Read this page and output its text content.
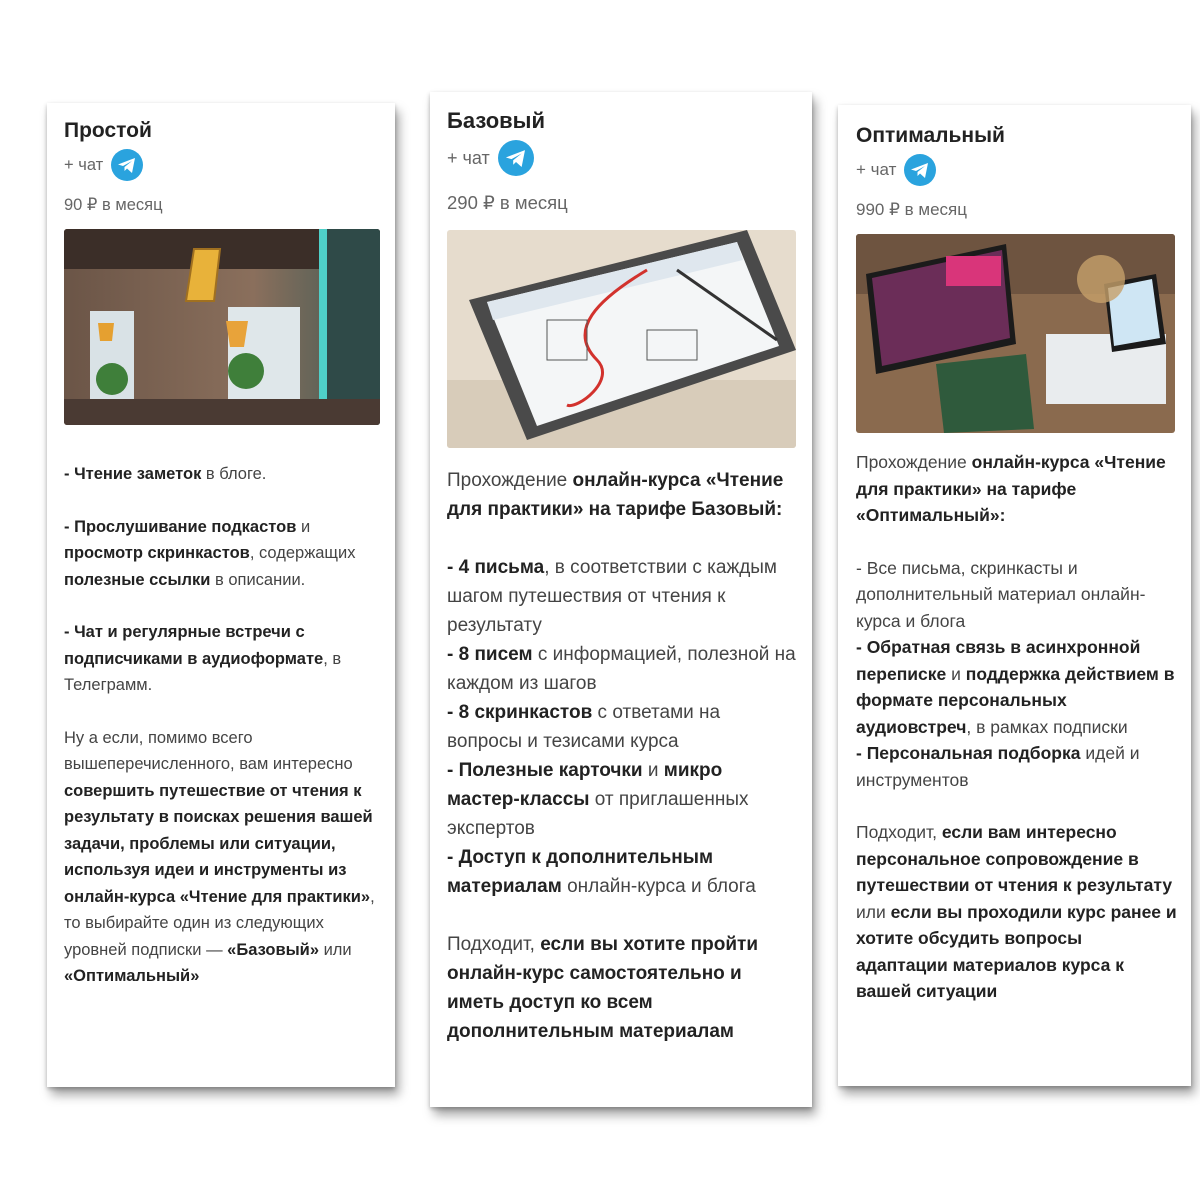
Простой
+ чат
90 ₽ в месяц

- Чтение заметок в блоге.

- Прослушивание подкастов и просмотр скринкастов, содержащих полезные ссылки в описании.

- Чат и регулярные встречи с подписчиками в аудиоформате, в Телеграмм.

Ну а если, помимо всего вышеперечисленного, вам интересно совершить путешествие от чтения к результату в поисках решения вашей задачи, проблемы или ситуации, используя идеи и инструменты из онлайн-курса «Чтение для практики», то выбирайте один из следующих уровней подписки — «Базовый» или «Оптимальный»

Базовый
+ чат
290 ₽ в месяц

Прохождение онлайн-курса «Чтение для практики» на тарифе Базовый:

- 4 письма, в соответствии с каждым шагом путешествия от чтения к результату

- 8 писем с информацией, полезной на каждом из шагов

- 8 скринкастов с ответами на вопросы и тезисами курса

- Полезные карточки и микро мастер-классы от приглашенных экспертов

- Доступ к дополнительным материалам онлайн-курса и блога

Подходит, если вы хотите пройти онлайн-курс самостоятельно и иметь доступ ко всем дополнительным материалам

Оптимальный
+ чат
990 ₽ в месяц

Прохождение онлайн-курса «Чтение для практики» на тарифе «Оптимальный»:

- Все письма, скринкасты и дополнительный материал онлайн-курса и блога

- Обратная связь в асинхронной переписке и поддержка действием в формате персональных аудиовстреч, в рамках подписки

- Персональная подборка идей и инструментов

Подходит, если вам интересно персональное сопровождение в путешествии от чтения к результату или если вы проходили курс ранее и хотите обсудить вопросы адаптации материалов курса к вашей ситуации
